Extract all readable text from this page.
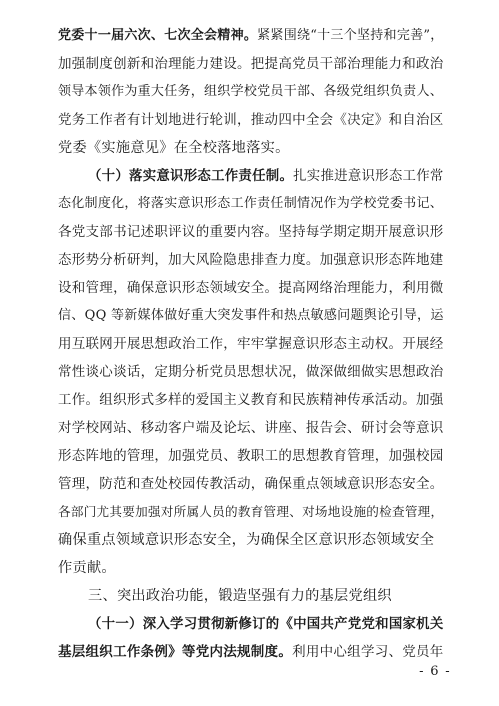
党委十一届六次、七次全会精神。紧紧围绕“十三个坚持和完善”，
加强制度创新和治理能力建设。把提高党员干部治理能力和政治
领导本领作为重大任务，组织学校党员干部、各级党组织负责人、
党务工作者有计划地进行轮训，推动四中全会《决定》和自治区
党委《实施意见》在全校落地落实。
（十）落实意识形态工作责任制。扎实推进意识形态工作常
态化制度化，将落实意识形态工作责任制情况作为学校党委书记、
各党支部书记述职评议的重要内容。坚持每学期定期开展意识形
态形势分析研判，加大风险隐患排查力度。加强意识形态阵地建
设和管理，确保意识形态领域安全。提高网络治理能力，利用微
信、QQ 等新媒体做好重大突发事件和热点敏感问题舆论引导，运
用互联网开展思想政治工作，牢牢掌握意识形态主动权。开展经
常性谈心谈话，定期分析党员思想状况，做深做细做实思想政治
工作。组织形式多样的爱国主义教育和民族精神传承活动。加强
对学校网站、移动客户端及论坛、讲座、报告会、研讨会等意识
形态阵地的管理，加强党员、教职工的思想教育管理，加强校园
管理，防范和查处校园传教活动，确保重点领域意识形态安全。
各部门尤其要加强对所属人员的教育管理、对场地设施的检查管理，
确保重点领域意识形态安全，为确保全区意识形态领域安全
作贡献。
三、突出政治功能，锻造坚强有力的基层党组织
（十一）深入学习贯彻新修订的《中国共产党党和国家机关
基层组织工作条例》等党内法规制度。利用中心组学习、党员年
- 6 -
